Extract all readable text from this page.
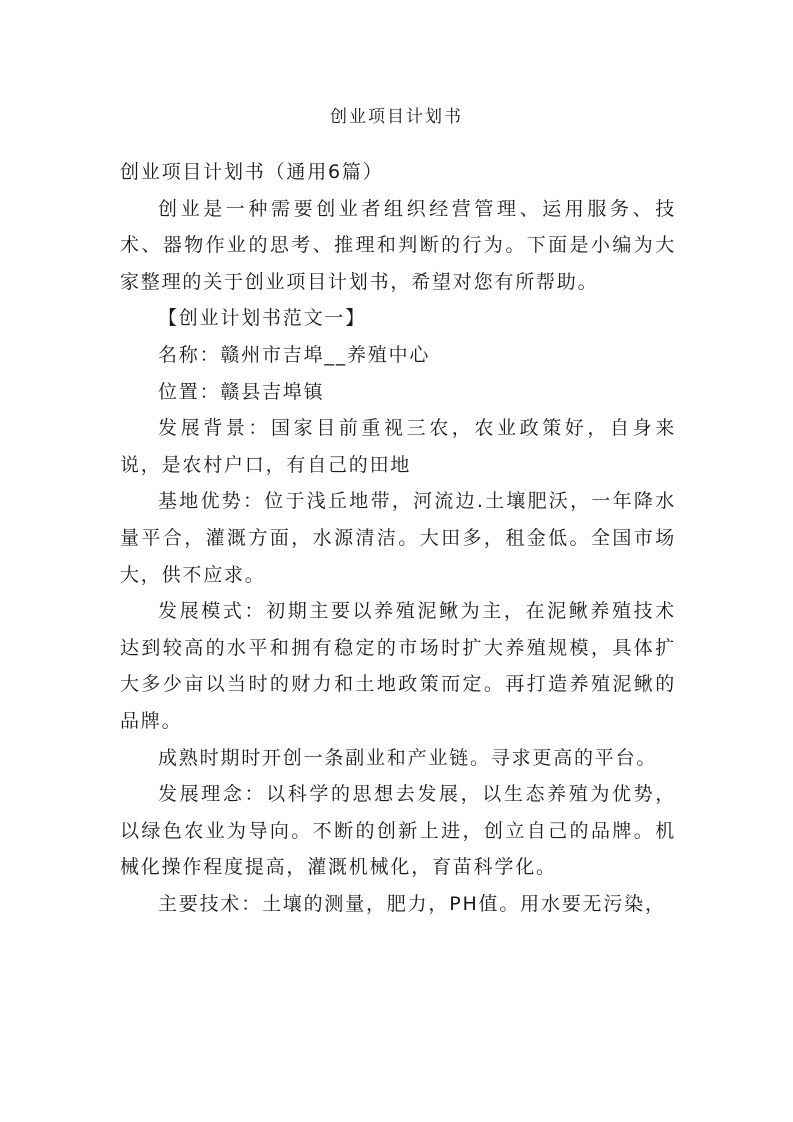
创业项目计划书

创业项目计划书（通用6篇）

创业是一种需要创业者组织经营管理、运用服务、技术、器物作业的思考、推理和判断的行为。下面是小编为大家整理的关于创业项目计划书，希望对您有所帮助。

【创业计划书范文一】

名称：赣州市吉埠__养殖中心

位置：赣县吉埠镇

发展背景：国家目前重视三农，农业政策好，自身来说，是农村户口，有自己的田地

基地优势：位于浅丘地带，河流边.土壤肥沃，一年降水量平合，灌溉方面，水源清洁。大田多，租金低。全国市场大，供不应求。

发展模式：初期主要以养殖泥鳅为主，在泥鳅养殖技术达到较高的水平和拥有稳定的市场时扩大养殖规模，具体扩大多少亩以当时的财力和土地政策而定。再打造养殖泥鳅的品牌。

成熟时期时开创一条副业和产业链。寻求更高的平台。

发展理念：以科学的思想去发展，以生态养殖为优势，以绿色农业为导向。不断的创新上进，创立自己的品牌。机械化操作程度提高，灌溉机械化，育苗科学化。

主要技术：土壤的测量，肥力，PH值。用水要无污染，
